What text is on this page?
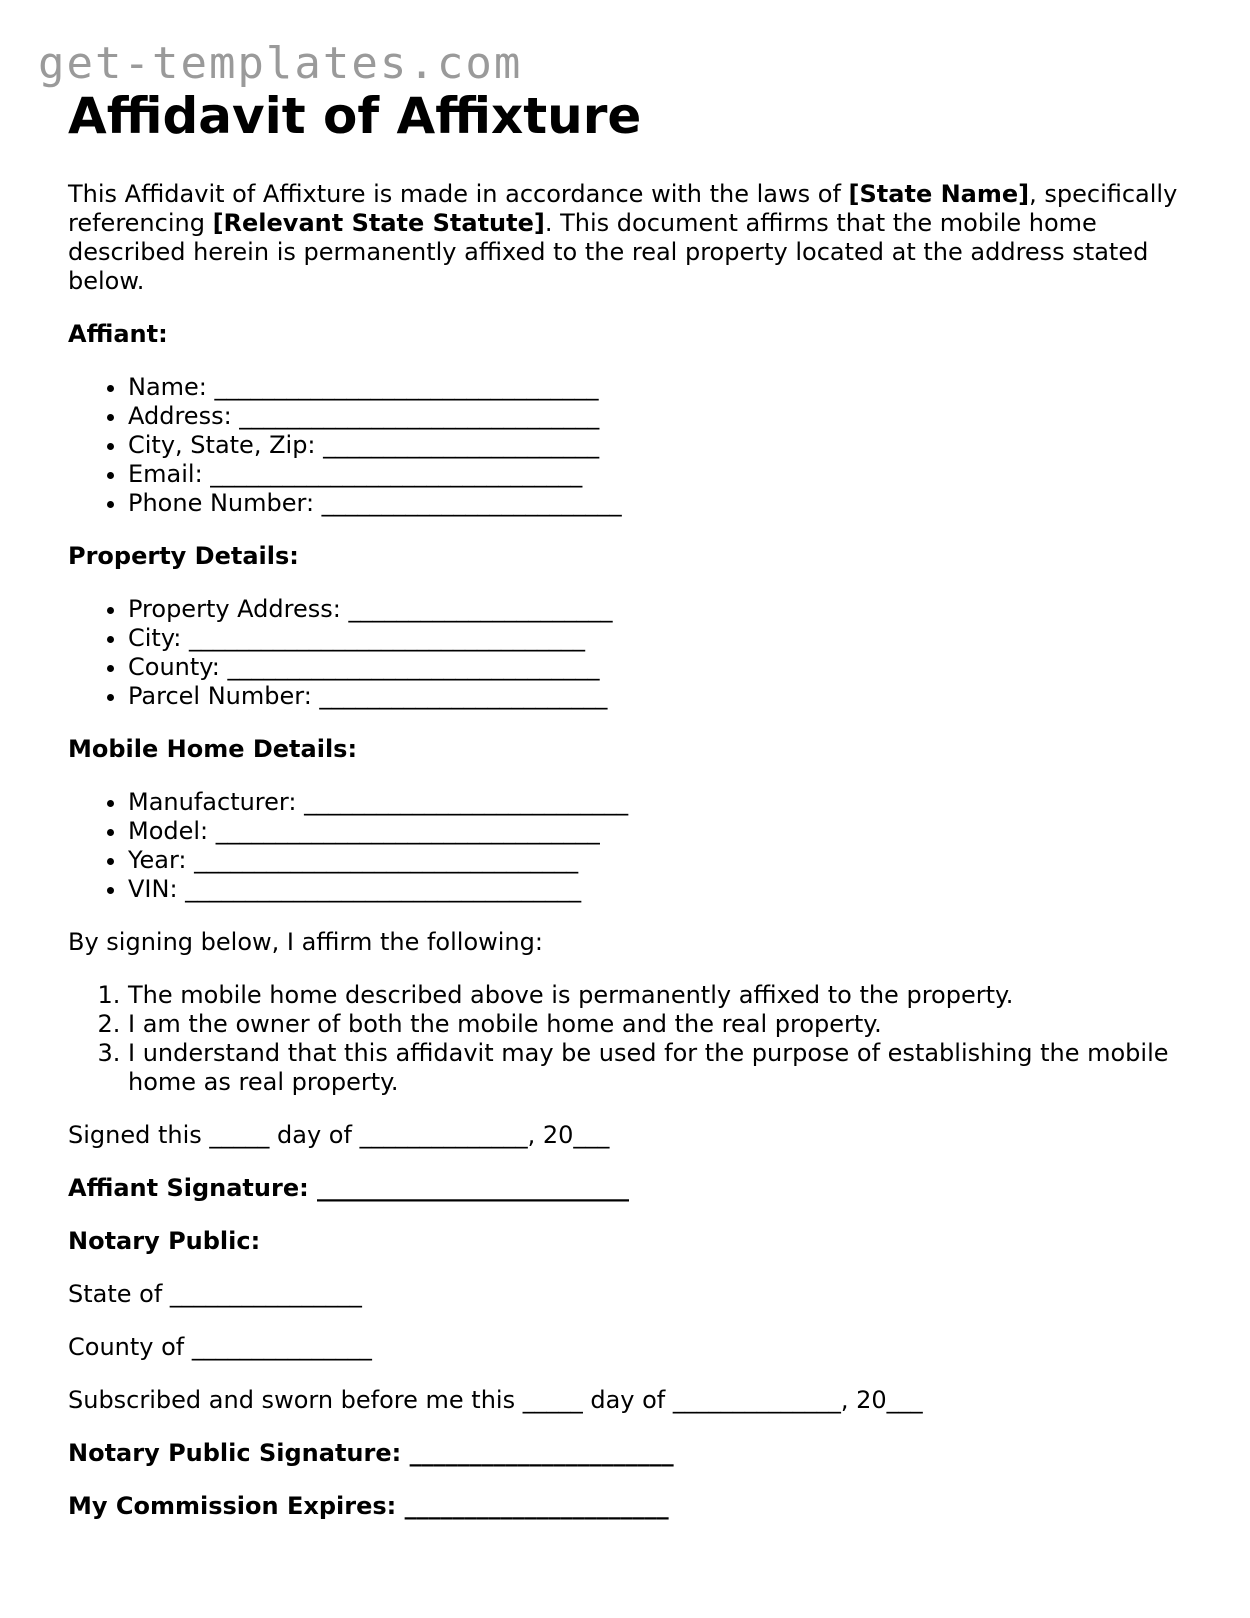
get-templates.com
Affidavit of Affixture

This Affidavit of Affixture is made in accordance with the laws of [State Name], specifically referencing [Relevant State Statute]. This document affirms that the mobile home described herein is permanently affixed to the real property located at the address stated below.

Affiant:
• Name: ________________________________
• Address: ______________________________
• City, State, Zip: _______________________
• Email: _______________________________
• Phone Number: _________________________
Property Details:
• Property Address: ______________________
• City: _________________________________
• County: _______________________________
• Parcel Number: ________________________
Mobile Home Details:
• Manufacturer: ___________________________
• Model: ________________________________
• Year: ________________________________
• VIN: _________________________________

By signing below, I affirm the following:

1. The mobile home described above is permanently affixed to the property.
2. I am the owner of both the mobile home and the real property.
3. I understand that this affidavit may be used for the purpose of establishing the mobile home as real property.

Signed this _____ day of ______________, 20___

Affiant Signature: __________________________
Notary Public:

State of ________________

County of _______________

Subscribed and sworn before me this _____ day of ______________, 20___

Notary Public Signature: ______________________
My Commission Expires: ______________________
